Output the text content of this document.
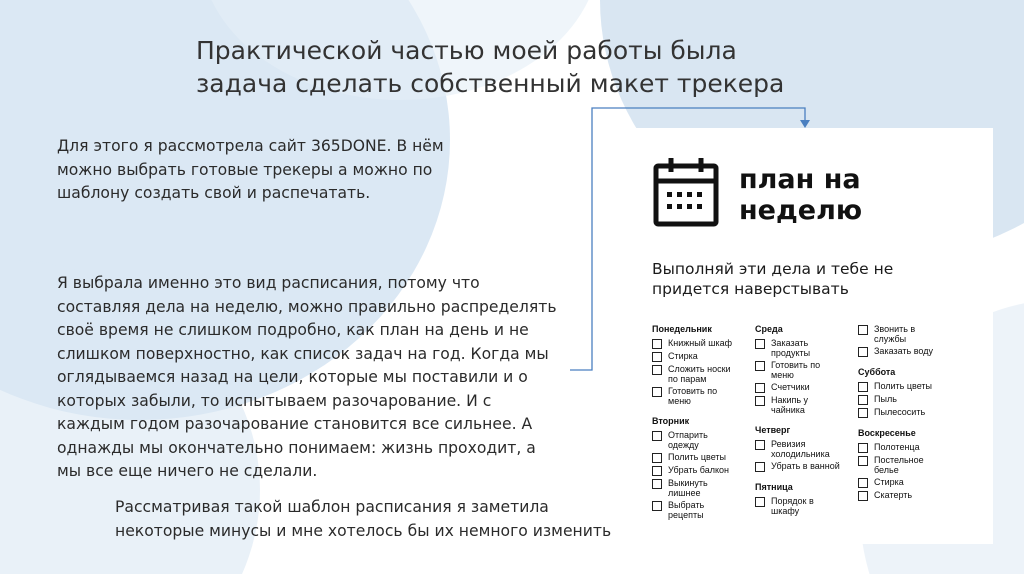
Практической частью моей работы была
задача сделать собственный макет трекера
Для этого я рассмотрела сайт 365DONE. В нём
можно выбрать готовые трекеры а можно по
шаблону создать свой и распечатать.
Я выбрала именно это вид расписания, потому что
составляя дела на неделю, можно правильно распределять
своё время не слишком подробно, как план на день и не
слишком поверхностно, как список задач на год. Когда мы
оглядываемся назад на цели, которые мы поставили и о
которых забыли, то испытываем разочарование. И с
каждым годом разочарование становится все сильнее. А
однажды мы окончательно понимаем: жизнь проходит, а
мы все еще ничего не сделали.
Рассматривая такой шаблон расписания я заметила
некоторые минусы и мне хотелось бы их немного изменить
план на
неделю
Выполняй эти дела и тебе не
придется наверстывать
Понедельник
Книжный шкаф
Стирка
Сложить носки
по парам
Готовить по
меню
Вторник
Отпарить
одежду
Полить цветы
Убрать балкон
Выкинуть
лишнее
Выбрать
рецепты
Среда
Заказать
продукты
Готовить по
меню
Счетчики
Накипь у
чайника
Четверг
Ревизия
холодильника
Убрать в ванной
Пятница
Порядок в
шкафу
Звонить в
службы
Заказать воду
Суббота
Полить цветы
Пыль
Пылесосить
Воскресенье
Полотенца
Постельное
белье
Стирка
Скатерть
